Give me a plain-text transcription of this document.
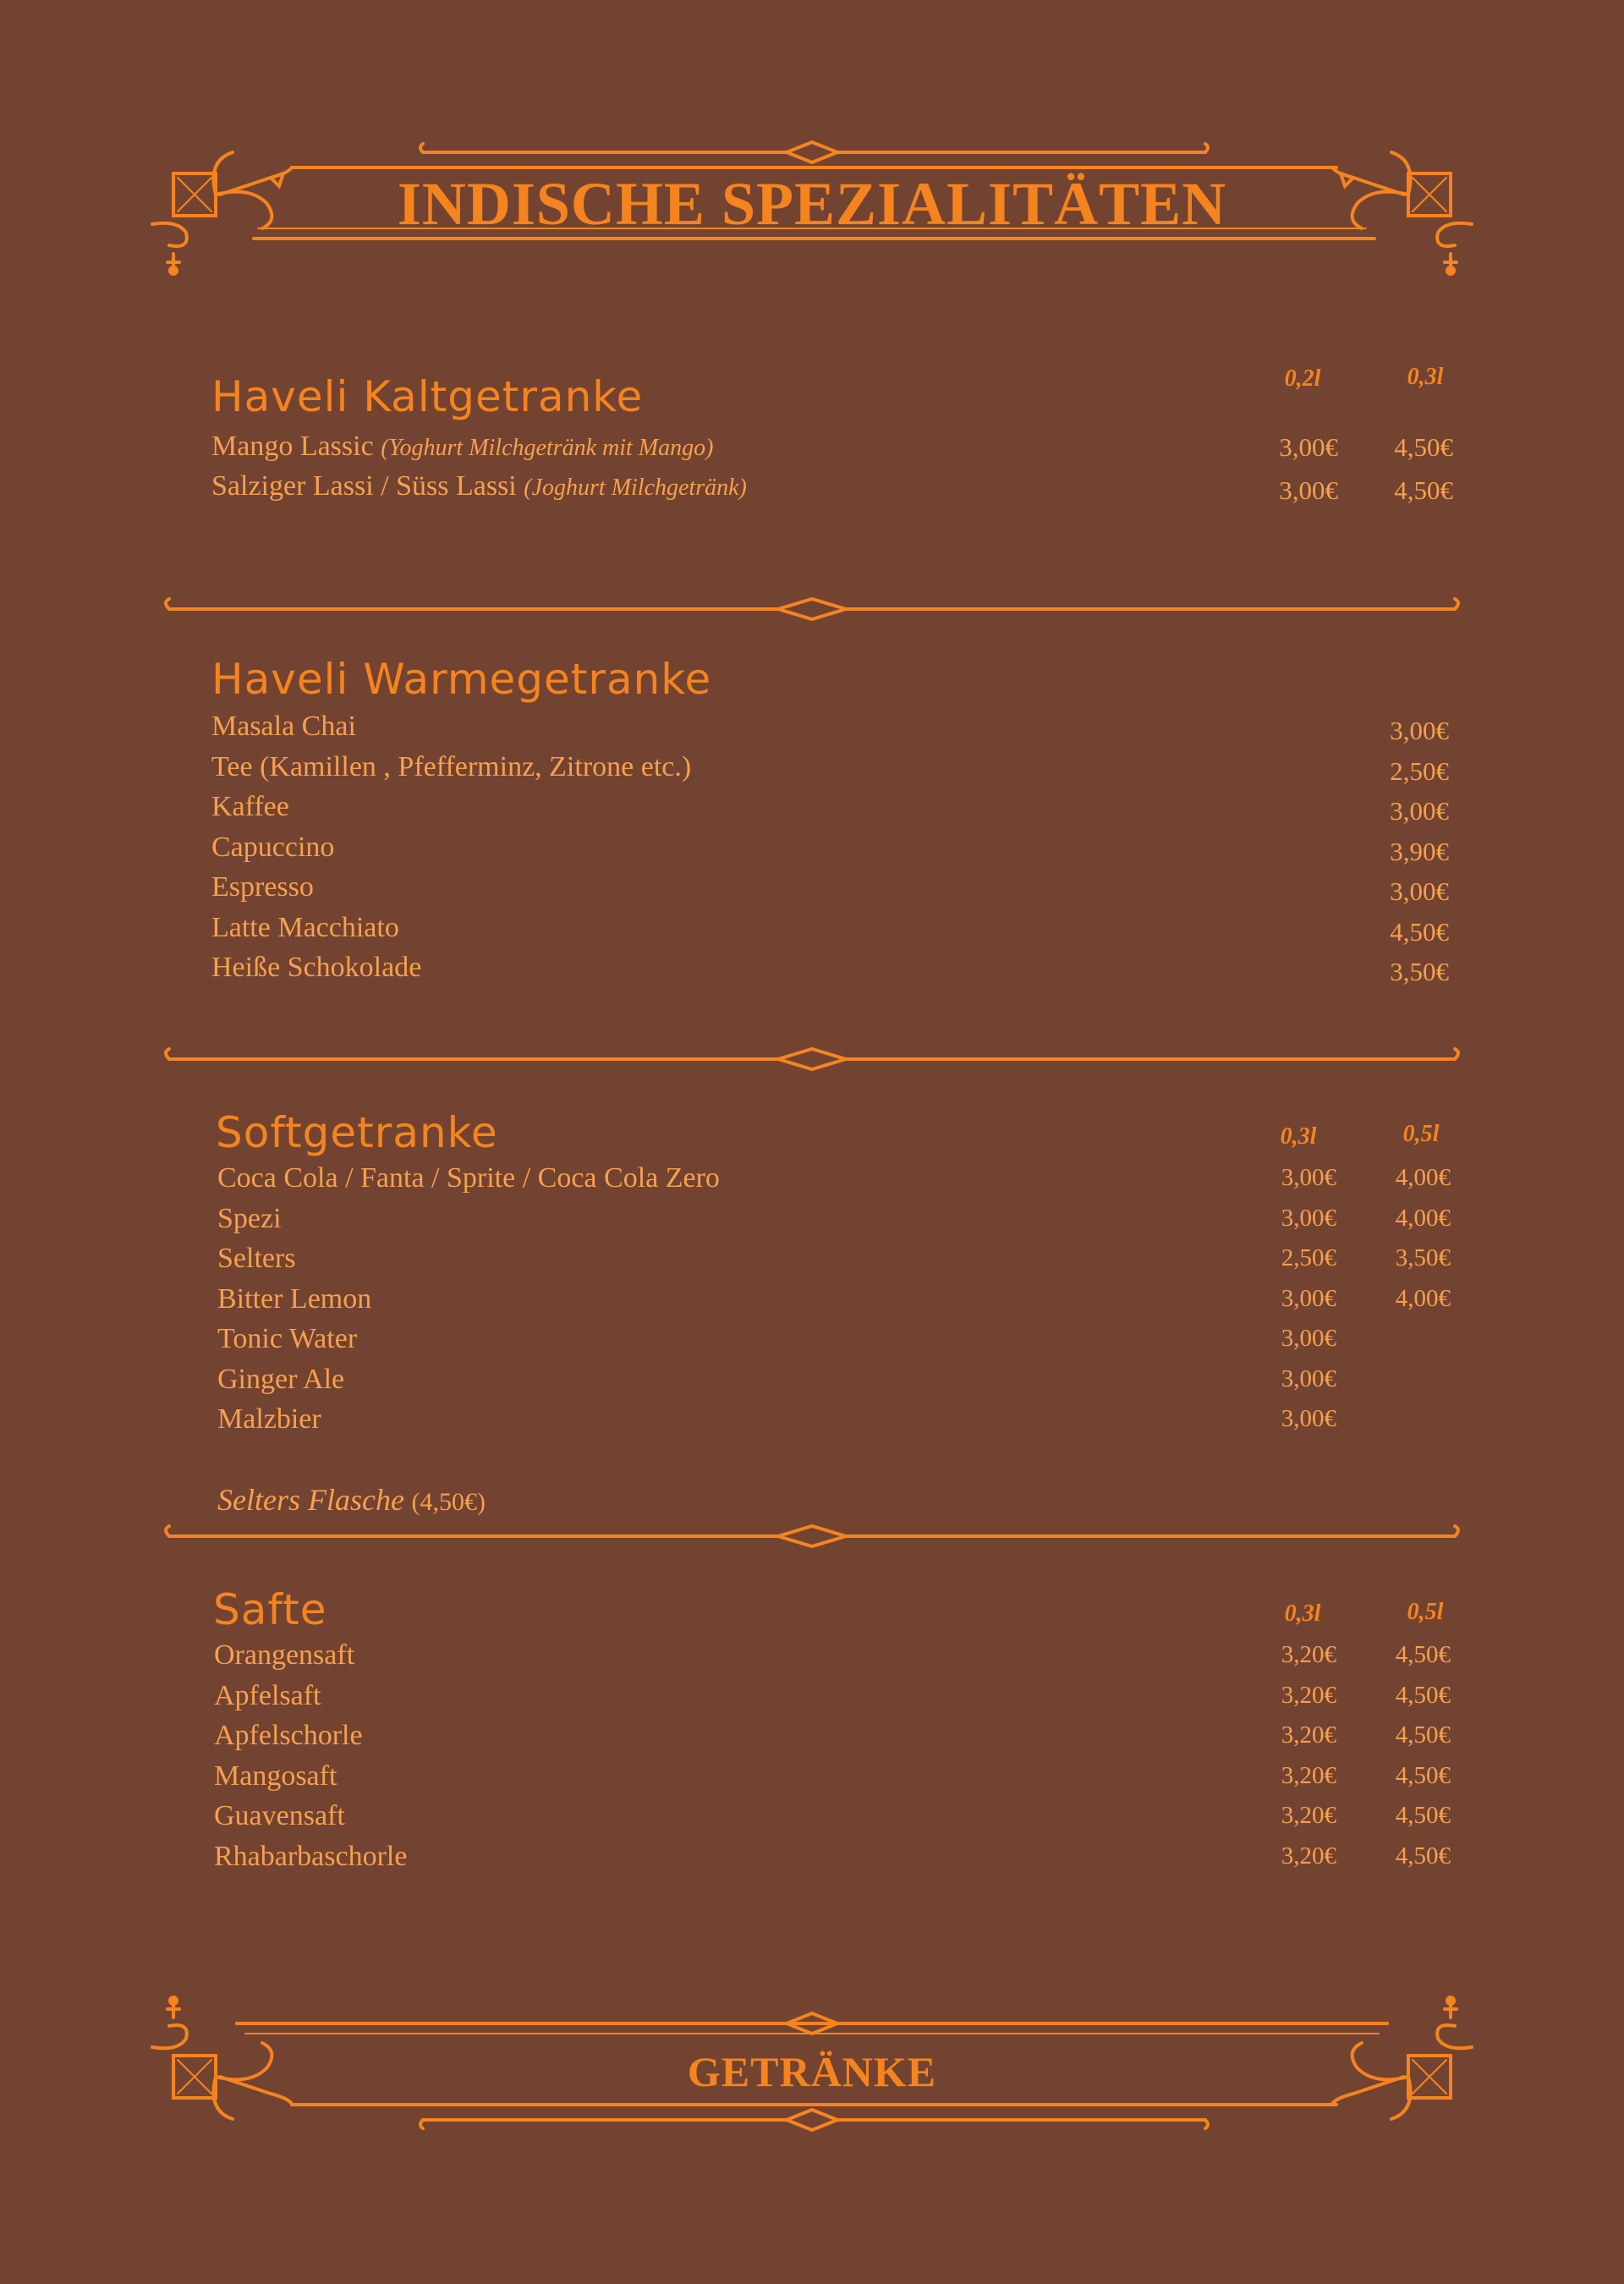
INDISCHE SPEZIALITÄTEN
Haveli Kaltgetranke	0,2l	0,3l
Mango Lassic (Yoghurt Milchgetränk mit Mango)	3,00€	4,50€
Salziger Lassi / Süss Lassi (Joghurt Milchgetränk)	3,00€	4,50€
Haveli Warmegetranke
Masala Chai	3,00€
Tee (Kamillen , Pfefferminz, Zitrone etc.)	2,50€
Kaffee	3,00€
Capuccino	3,90€
Espresso	3,00€
Latte Macchiato	4,50€
Heiße Schokolade	3,50€
Softgetranke	0,3l	0,5l
Coca Cola / Fanta / Sprite / Coca Cola Zero	3,00€	4,00€
Spezi	3,00€	4,00€
Selters	2,50€	3,50€
Bitter Lemon	3,00€	4,00€
Tonic Water	3,00€
Ginger Ale	3,00€
Malzbier	3,00€
Selters Flasche (4,50€)
Safte	0,3l	0,5l
Orangensaft	3,20€	4,50€
Apfelsaft	3,20€	4,50€
Apfelschorle	3,20€	4,50€
Mangosaft	3,20€	4,50€
Guavensaft	3,20€	4,50€
Rhabarbaschorle	3,20€	4,50€
GETRÄNKE
